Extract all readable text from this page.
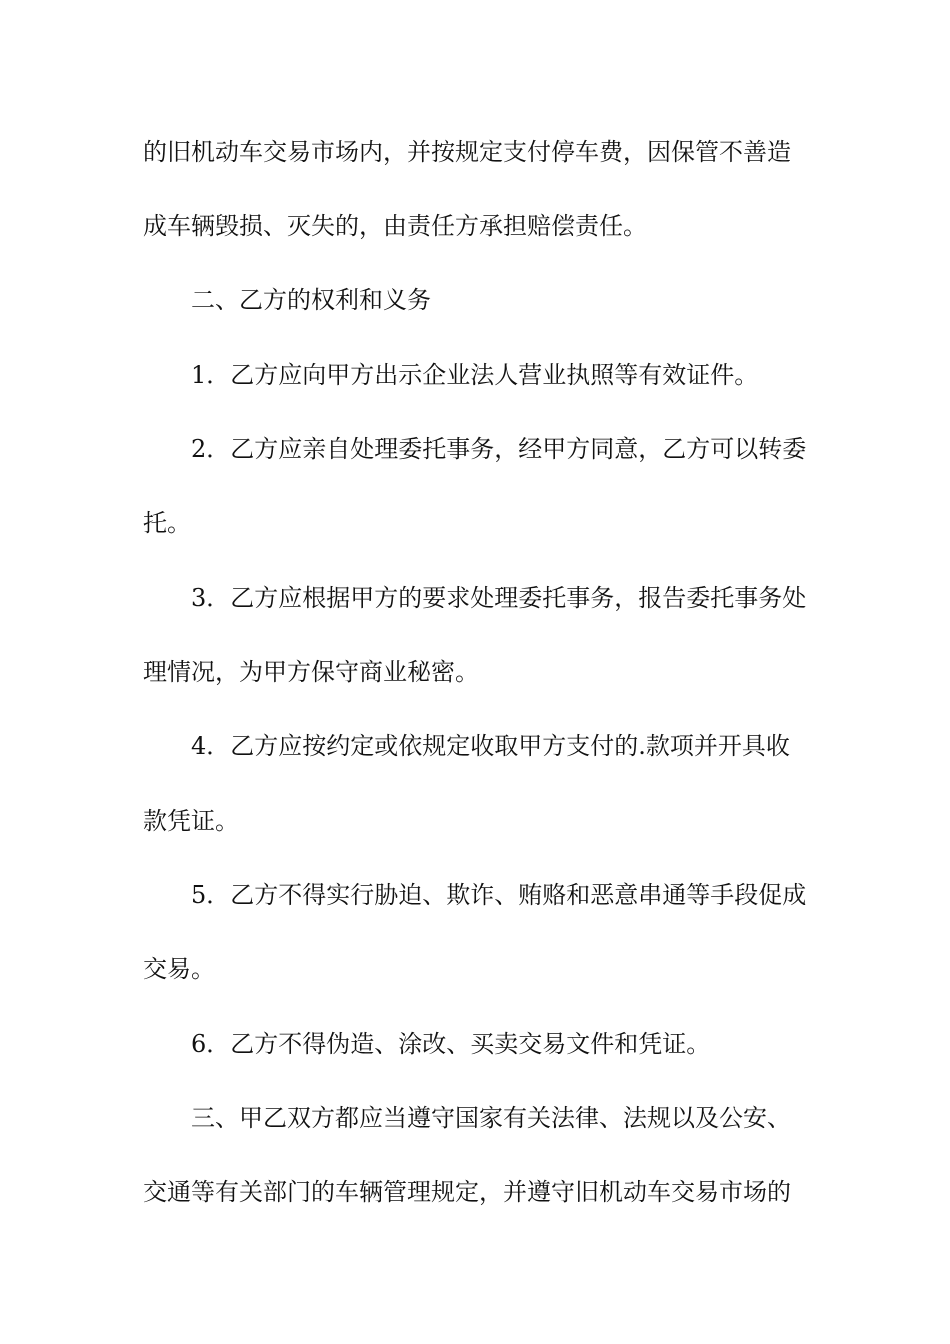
的旧机动车交易市场内，并按规定支付停车费，因保管不善造
成车辆毁损、灭失的，由责任方承担赔偿责任。
二、乙方的权利和义务
1．乙方应向甲方出示企业法人营业执照等有效证件。
2．乙方应亲自处理委托事务，经甲方同意，乙方可以转委
托。
3．乙方应根据甲方的要求处理委托事务，报告委托事务处
理情况，为甲方保守商业秘密。
4．乙方应按约定或依规定收取甲方支付的.款项并开具收
款凭证。
5．乙方不得实行胁迫、欺诈、贿赂和恶意串通等手段促成
交易。
6．乙方不得伪造、涂改、买卖交易文件和凭证。
三、甲乙双方都应当遵守国家有关法律、法规以及公安、
交通等有关部门的车辆管理规定，并遵守旧机动车交易市场的
